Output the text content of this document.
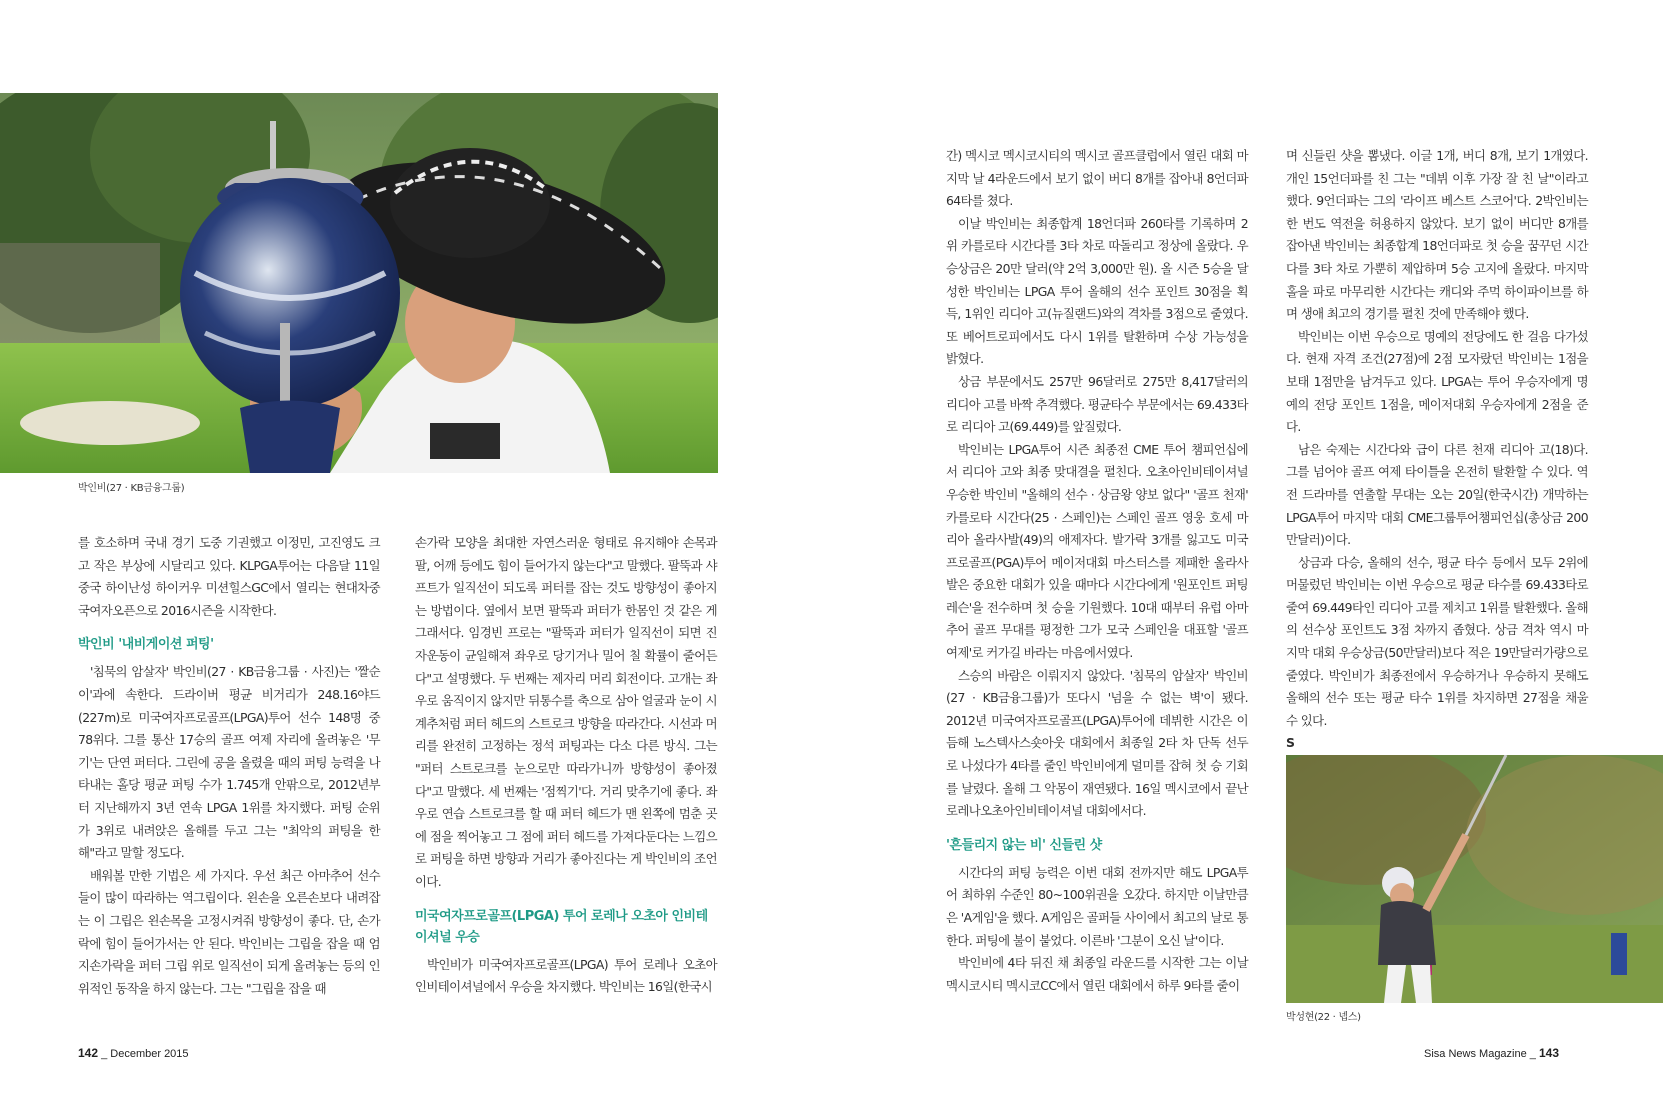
박인비(27 · KB금융그룹)

를 호소하며 국내 경기 도중 기권했고 이정민, 고진영도 크고 작은 부상에 시달리고 있다. KLPGA투어는 다음달 11일 중국 하이난성 하이커우 미션힐스GC에서 열리는 현대차중국여자오픈으로 2016시즌을 시작한다.

박인비 '내비게이션 퍼팅'

'침묵의 암살자' 박인비(27 · KB금융그룹 · 사진)는 '짤순이'과에 속한다. 드라이버 평균 비거리가 248.16야드(227m)로 미국여자프로골프(LPGA)투어 선수 148명 중 78위다. 그를 통산 17승의 골프 여제 자리에 올려놓은 '무기'는 단연 퍼터다. 그린에 공을 올렸을 때의 퍼팅 능력을 나타내는 홀당 평균 퍼팅 수가 1.745개 안팎으로, 2012년부터 지난해까지 3년 연속 LPGA 1위를 차지했다. 퍼팅 순위가 3위로 내려앉은 올해를 두고 그는 "최악의 퍼팅을 한 해"라고 말할 정도다.

배워볼 만한 기법은 세 가지다. 우선 최근 아마추어 선수들이 많이 따라하는 역그립이다. 왼손을 오른손보다 내려잡는 이 그립은 왼손목을 고정시켜줘 방향성이 좋다. 단, 손가락에 힘이 들어가서는 안 된다. 박인비는 그립을 잡을 때 엄지손가락을 퍼터 그립 위로 일직선이 되게 올려놓는 등의 인위적인 동작을 하지 않는다. 그는 "그립을 잡을 때

손가락 모양을 최대한 자연스러운 형태로 유지해야 손목과 팔, 어깨 등에도 힘이 들어가지 않는다"고 말했다. 팔뚝과 샤프트가 일직선이 되도록 퍼터를 잡는 것도 방향성이 좋아지는 방법이다. 옆에서 보면 팔뚝과 퍼터가 한몸인 것 같은 게 그래서다. 임경빈 프로는 "팔뚝과 퍼터가 일직선이 되면 진자운동이 균일해져 좌우로 당기거나 밀어 칠 확률이 줄어든다"고 설명했다. 두 번째는 제자리 머리 회전이다. 고개는 좌우로 움직이지 않지만 뒤통수를 축으로 삼아 얼굴과 눈이 시계추처럼 퍼터 헤드의 스트로크 방향을 따라간다. 시선과 머리를 완전히 고정하는 정석 퍼팅과는 다소 다른 방식. 그는 "퍼터 스트로크를 눈으로만 따라가니까 방향성이 좋아졌다"고 말했다. 세 번째는 '점찍기'다. 거리 맞추기에 좋다. 좌우로 연습 스트로크를 할 때 퍼터 헤드가 맨 왼쪽에 멈춘 곳에 점을 찍어놓고 그 점에 퍼터 헤드를 가져다둔다는 느낌으로 퍼팅을 하면 방향과 거리가 좋아진다는 게 박인비의 조언이다.

미국여자프로골프(LPGA) 투어 로레나 오초아 인비테이셔널 우승

박인비가 미국여자프로골프(LPGA) 투어 로레나 오초아 인비테이셔널에서 우승을 차지했다. 박인비는 16일(한국시

간) 멕시코 멕시코시티의 멕시코 골프클럽에서 열린 대회 마지막 날 4라운드에서 보기 없이 버디 8개를 잡아내 8언더파 64타를 쳤다.

이날 박인비는 최종합계 18언더파 260타를 기록하며 2위 카를로타 시간다를 3타 차로 따돌리고 정상에 올랐다. 우승상금은 20만 달러(약 2억 3,000만 원). 올 시즌 5승을 달성한 박인비는 LPGA 투어 올해의 선수 포인트 30점을 획득, 1위인 리디아 고(뉴질랜드)와의 격차를 3점으로 줄였다. 또 베어트로피에서도 다시 1위를 탈환하며 수상 가능성을 밝혔다.

상금 부문에서도 257만 96달러로 275만 8,417달러의 리디아 고를 바짝 추격했다. 평균타수 부문에서는 69.433타로 리디아 고(69.449)를 앞질렀다.

박인비는 LPGA투어 시즌 최종전 CME 투어 챔피언십에서 리디아 고와 최종 맞대결을 펼친다. 오초아인비테이셔널 우승한 박인비 "올해의 선수 · 상금왕 양보 없다" '골프 천재' 카를로타 시간다(25 · 스페인)는 스페인 골프 영웅 호세 마리아 올라사발(49)의 애제자다. 발가락 3개를 잃고도 미국프로골프(PGA)투어 메이저대회 마스터스를 제패한 올라사발은 중요한 대회가 있을 때마다 시간다에게 '원포인트 퍼팅 레슨'을 전수하며 첫 승을 기원했다. 10대 때부터 유럽 아마추어 골프 무대를 평정한 그가 모국 스페인을 대표할 '골프 여제'로 커가길 바라는 마음에서였다.

스승의 바람은 이뤄지지 않았다. '침묵의 암살자' 박인비(27 · KB금융그룹)가 또다시 '넘을 수 없는 벽'이 됐다. 2012년 미국여자프로골프(LPGA)투어에 데뷔한 시간은 이듬해 노스텍사스숏아웃 대회에서 최종일 2타 차 단독 선두로 나섰다가 4타를 줄인 박인비에게 덜미를 잡혀 첫 승 기회를 날렸다. 올해 그 악몽이 재연됐다. 16일 멕시코에서 끝난 로레나오초아인비테이셔널 대회에서다.

'흔들리지 않는 비' 신들린 샷

시간다의 퍼팅 능력은 이번 대회 전까지만 해도 LPGA투어 최하위 수준인 80~100위권을 오갔다. 하지만 이날만큼은 'A게임'을 했다. A게임은 골퍼들 사이에서 최고의 날로 통한다. 퍼팅에 불이 붙었다. 이른바 '그분이 오신 날'이다.

박인비에 4타 뒤진 채 최종일 라운드를 시작한 그는 이날 멕시코시티 멕시코CC에서 열린 대회에서 하루 9타를 줄이

며 신들린 샷을 뽐냈다. 이글 1개, 버디 8개, 보기 1개였다. 개인 15언더파를 친 그는 "데뷔 이후 가장 잘 친 날"이라고 했다. 9언더파는 그의 '라이프 베스트 스코어'다. 2박인비는 한 번도 역전을 허용하지 않았다. 보기 없이 버디만 8개를 잡아낸 박인비는 최종합계 18언더파로 첫 승을 꿈꾸던 시간다를 3타 차로 가뿐히 제압하며 5승 고지에 올랐다. 마지막홀을 파로 마무리한 시간다는 캐디와 주먹 하이파이브를 하며 생애 최고의 경기를 펼친 것에 만족해야 했다.

박인비는 이번 우승으로 명예의 전당에도 한 걸음 다가섰다. 현재 자격 조건(27점)에 2점 모자랐던 박인비는 1점을 보태 1점만을 남겨두고 있다. LPGA는 투어 우승자에게 명예의 전당 포인트 1점을, 메이저대회 우승자에게 2점을 준다.

남은 숙제는 시간다와 급이 다른 천재 리디아 고(18)다. 그를 넘어야 골프 여제 타이틀을 온전히 탈환할 수 있다. 역전 드라마를 연출할 무대는 오는 20일(한국시간) 개막하는 LPGA투어 마지막 대회 CME그룹투어챔피언십(총상금 200만달러)이다.

상금과 다승, 올해의 선수, 평균 타수 등에서 모두 2위에 머물렀던 박인비는 이번 우승으로 평균 타수를 69.433타로 줄여 69.449타인 리디아 고를 제치고 1위를 탈환했다. 올해의 선수상 포인트도 3점 차까지 좁혔다. 상금 격차 역시 마지막 대회 우승상금(50만달러)보다 적은 19만달러가량으로 줄였다. 박인비가 최종전에서 우승하거나 우승하지 못해도 올해의 선수 또는 평균 타수 1위를 차지하면 27점을 채울 수 있다.

S
박성현(22 · 넵스)
142 _ December 2015	Sisa News Magazine _ 143
